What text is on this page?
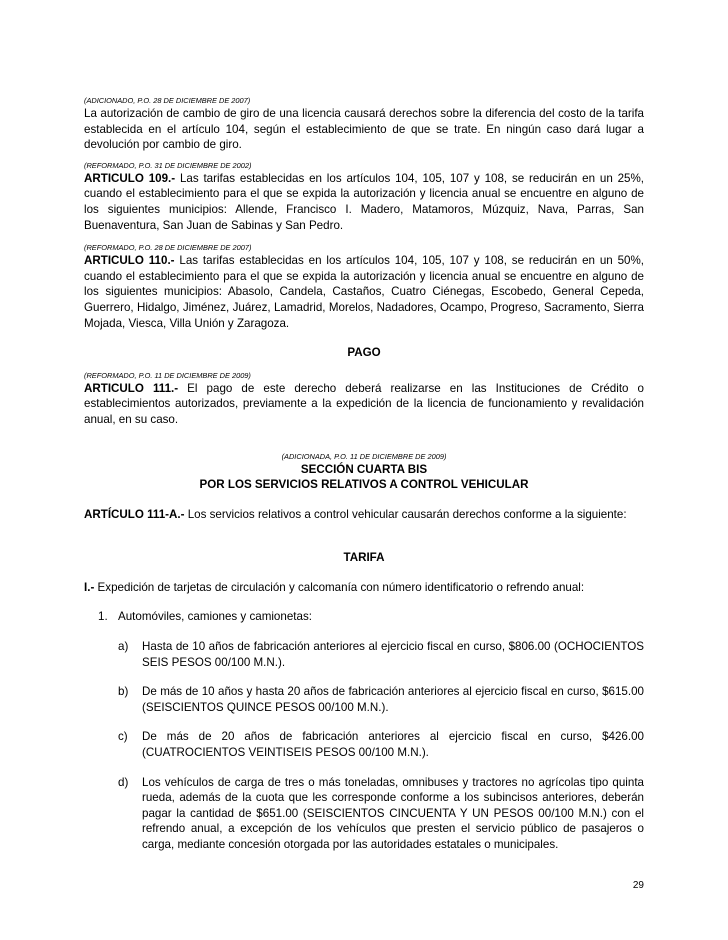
(ADICIONADO, P.O. 28 DE DICIEMBRE DE 2007)

La autorización de cambio de giro de una licencia causará derechos sobre la diferencia del costo de la tarifa establecida en el artículo 104, según el establecimiento de que se trate. En ningún caso dará lugar a devolución por cambio de giro.

(REFORMADO, P.O. 31 DE DICIEMBRE DE 2002)

ARTICULO 109.- Las tarifas establecidas en los artículos 104, 105, 107 y 108, se reducirán en un 25%, cuando el establecimiento para el que se expida la autorización y licencia anual se encuentre en alguno de los siguientes municipios: Allende, Francisco I. Madero, Matamoros, Múzquiz, Nava, Parras, San Buenaventura, San Juan de Sabinas y San Pedro.

(REFORMADO, P.O. 28 DE DICIEMBRE DE 2007)

ARTICULO 110.- Las tarifas establecidas en los artículos 104, 105, 107 y 108, se reducirán en un 50%, cuando el establecimiento para el que se expida la autorización y licencia anual se encuentre en alguno de los siguientes municipios: Abasolo, Candela, Castaños, Cuatro Ciénegas, Escobedo, General Cepeda, Guerrero, Hidalgo, Jiménez, Juárez, Lamadrid, Morelos, Nadadores, Ocampo, Progreso, Sacramento, Sierra Mojada, Viesca, Villa Unión y Zaragoza.

PAGO

(REFORMADO, P.O. 11 DE DICIEMBRE DE 2009)

ARTICULO 111.- El pago de este derecho deberá realizarse en las Instituciones de Crédito o establecimientos autorizados, previamente a la expedición de la licencia de funcionamiento y revalidación anual, en su caso.

(ADICIONADA, P.O. 11 DE DICIEMBRE DE 2009)

SECCIÓN CUARTA BIS

POR LOS SERVICIOS RELATIVOS A CONTROL VEHICULAR

ARTÍCULO 111-A.- Los servicios relativos a control vehicular causarán derechos conforme a la siguiente:

TARIFA

I.- Expedición de tarjetas de circulación y calcomanía con número identificatorio o refrendo anual:

1. Automóviles, camiones y camionetas:
a)	Hasta de 10 años de fabricación anteriores al ejercicio fiscal en curso, $806.00 (OCHOCIENTOS SEIS PESOS 00/100 M.N.).
b)	De más de 10 años y hasta 20 años de fabricación anteriores al ejercicio fiscal en curso, $615.00 (SEISCIENTOS QUINCE PESOS 00/100 M.N.).
c)	De más de 20 años de fabricación anteriores al ejercicio fiscal en curso, $426.00 (CUATROCIENTOS VEINTISEIS PESOS 00/100 M.N.).
d)	Los vehículos de carga de tres o más toneladas, omnibuses y tractores no agrícolas tipo quinta rueda, además de la cuota que les corresponde conforme a los subincisos anteriores, deberán pagar la cantidad de $651.00 (SEISCIENTOS CINCUENTA Y UN PESOS 00/100 M.N.) con el refrendo anual, a excepción de los vehículos que presten el servicio público de pasajeros o carga, mediante concesión otorgada por las autoridades estatales o municipales.
29
